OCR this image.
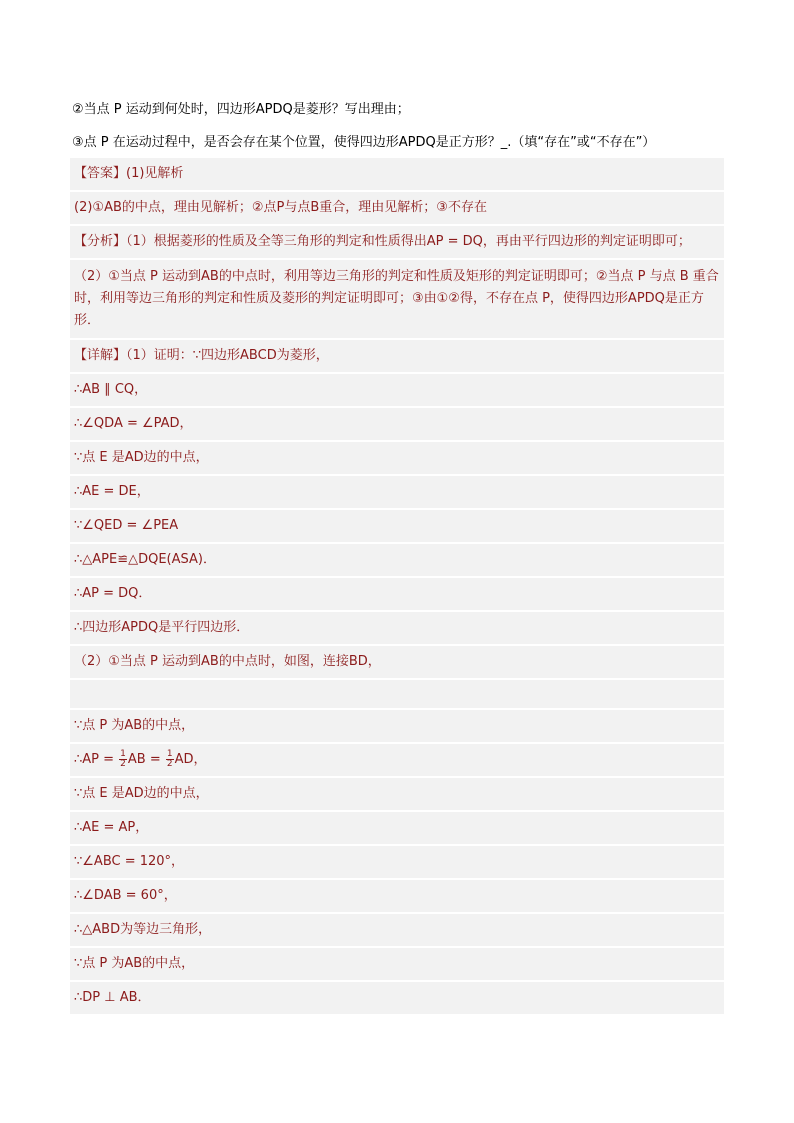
②当点 P 运动到何处时，四边形APDQ是菱形？写出理由；
③点 P 在运动过程中，是否会存在某个位置，使得四边形APDQ是正方形？_.（填“存在”或“不存在”）
【答案】(1)见解析
(2)①AB的中点，理由见解析；②点P与点B重合，理由见解析；③不存在
【分析】（1）根据菱形的性质及全等三角形的判定和性质得出AP = DQ，再由平行四边形的判定证明即可；
（2）①当点 P 运动到AB的中点时，利用等边三角形的判定和性质及矩形的判定证明即可；②当点 P 与点 B 重合时，利用等边三角形的判定和性质及菱形的判定证明即可；③由①②得，不存在点 P，使得四边形APDQ是正方形．
【详解】（1）证明：∵四边形ABCD为菱形，
∴AB ∥ CQ，
∴∠QDA = ∠PAD，
∵点 E 是AD边的中点，
∴AE = DE，
∵∠QED = ∠PEA
∴△APE≌△DQE(ASA)．
∴AP = DQ．
∴四边形APDQ是平行四边形．
（2）①当点 P 运动到AB的中点时，如图，连接BD，
∵点 P 为AB的中点，
∴AP = $\frac{1}{2}$ AB = $\frac{1}{2}$ AD，
∵点 E 是AD边的中点，
∴AE = AP，
∵∠ABC = 120°，
∴∠DAB = 60°，
∴△ABD为等边三角形，
∵点 P 为AB的中点，
∴DP ⊥ AB．
